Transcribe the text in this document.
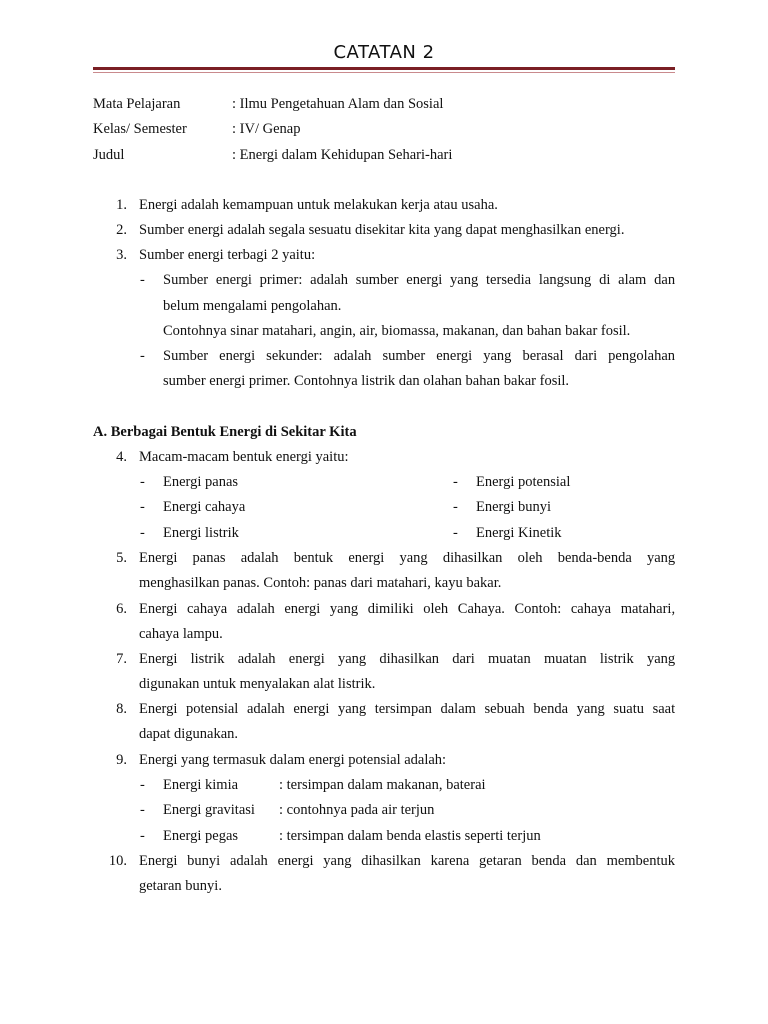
CATATAN 2
Mata Pelajaran	: Ilmu Pengetahuan Alam dan Sosial
Kelas/ Semester	: IV/ Genap
Judul	: Energi dalam Kehidupan Sehari-hari
1. Energi adalah kemampuan untuk melakukan kerja atau usaha.
2. Sumber energi adalah segala sesuatu disekitar kita yang dapat menghasilkan energi.
3. Sumber energi terbagi 2 yaitu:
- Sumber energi primer: adalah sumber energi yang tersedia langsung di alam dan
belum mengalami pengolahan.
Contohnya sinar matahari, angin, air, biomassa, makanan, dan bahan bakar fosil.
- Sumber energi sekunder: adalah sumber energi yang berasal dari pengolahan
sumber energi primer. Contohnya listrik dan olahan bahan bakar fosil.
A. Berbagai Bentuk Energi di Sekitar Kita
4. Macam-macam bentuk energi yaitu:
- Energi panas	- Energi potensial
- Energi cahaya	- Energi bunyi
- Energi listrik	- Energi Kinetik
5. Energi panas adalah bentuk energi yang dihasilkan oleh benda-benda yang
menghasilkan panas. Contoh: panas dari matahari, kayu bakar.
6. Energi cahaya adalah energi yang dimiliki oleh Cahaya. Contoh: cahaya matahari,
cahaya lampu.
7. Energi listrik adalah energi yang dihasilkan dari muatan muatan listrik yang
digunakan untuk menyalakan alat listrik.
8. Energi potensial adalah energi yang tersimpan dalam sebuah benda yang suatu saat
dapat digunakan.
9. Energi yang termasuk dalam energi potensial adalah:
- Energi kimia	: tersimpan dalam makanan, baterai
- Energi gravitasi : contohnya pada air terjun
- Energi pegas	: tersimpan dalam benda elastis seperti terjun
10. Energi bunyi adalah energi yang dihasilkan karena getaran benda dan membentuk
getaran bunyi.
